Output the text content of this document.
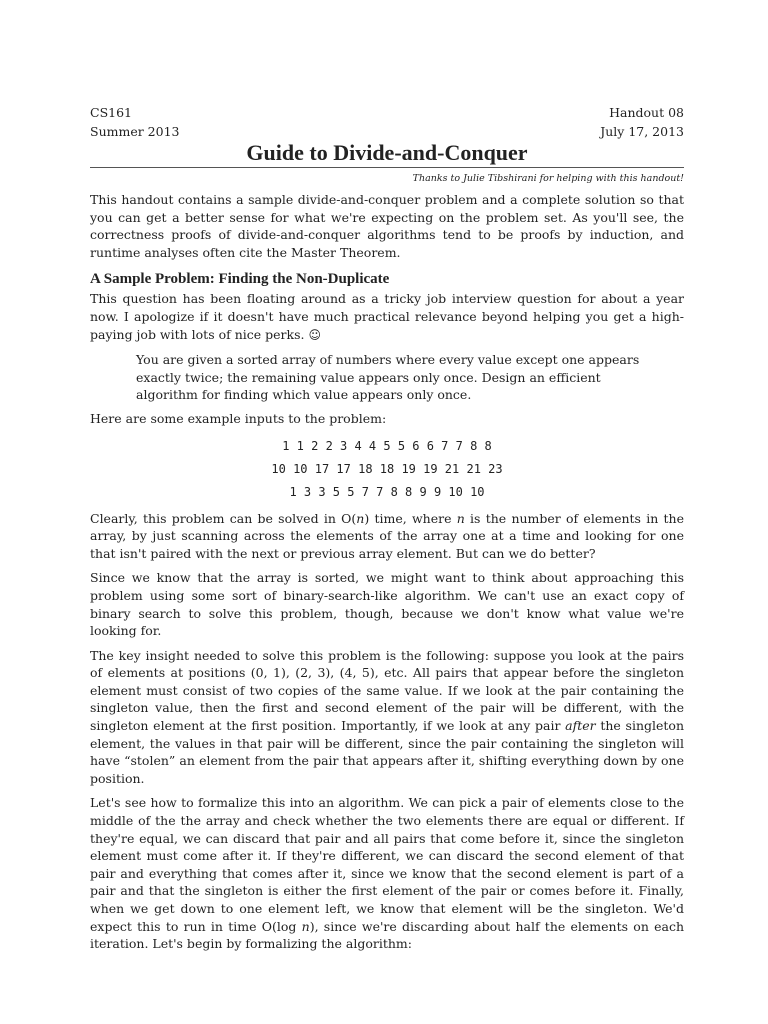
CS161	Handout 08
Summer 2013	July 17, 2013
Guide to Divide-and-Conquer
Thanks to Julie Tibshirani for helping with this handout!

This handout contains a sample divide-and-conquer problem and a complete solution so that you can get a better sense for what we're expecting on the problem set. As you'll see, the correctness proofs of divide-and-conquer algorithms tend to be proofs by induction, and runtime analyses often cite the Master Theorem.

A Sample Problem: Finding the Non-Duplicate

This question has been floating around as a tricky job interview question for about a year now. I apologize if it doesn't have much practical relevance beyond helping you get a high-paying job with lots of nice perks. ☺

You are given a sorted array of numbers where every value except one appears exactly twice; the remaining value appears only once. Design an efficient algorithm for finding which value appears only once.

Here are some example inputs to the problem:

1 1 2 2 3 4 4 5 5 6 6 7 7 8 8
10 10 17 17 18 18 19 19 21 21 23
1 3 3 5 5 7 7 8 8 9 9 10 10

Clearly, this problem can be solved in O(n) time, where n is the number of elements in the array, by just scanning across the elements of the array one at a time and looking for one that isn't paired with the next or previous array element. But can we do better?

Since we know that the array is sorted, we might want to think about approaching this problem using some sort of binary-search-like algorithm. We can't use an exact copy of binary search to solve this problem, though, because we don't know what value we're looking for.

The key insight needed to solve this problem is the following: suppose you look at the pairs of elements at positions (0, 1), (2, 3), (4, 5), etc. All pairs that appear before the singleton element must consist of two copies of the same value. If we look at the pair containing the singleton value, then the first and second element of the pair will be different, with the singleton element at the first position. Importantly, if we look at any pair after the singleton element, the values in that pair will be different, since the pair containing the singleton will have “stolen” an element from the pair that appears after it, shifting everything down by one position.

Let's see how to formalize this into an algorithm. We can pick a pair of elements close to the middle of the the array and check whether the two elements there are equal or different. If they're equal, we can discard that pair and all pairs that come before it, since the singleton element must come after it. If they're different, we can discard the second element of that pair and everything that comes after it, since we know that the second element is part of a pair and that the singleton is either the first element of the pair or comes before it. Finally, when we get down to one element left, we know that element will be the singleton. We'd expect this to run in time O(log n), since we're discarding about half the elements on each iteration. Let's begin by formalizing the algorithm:
